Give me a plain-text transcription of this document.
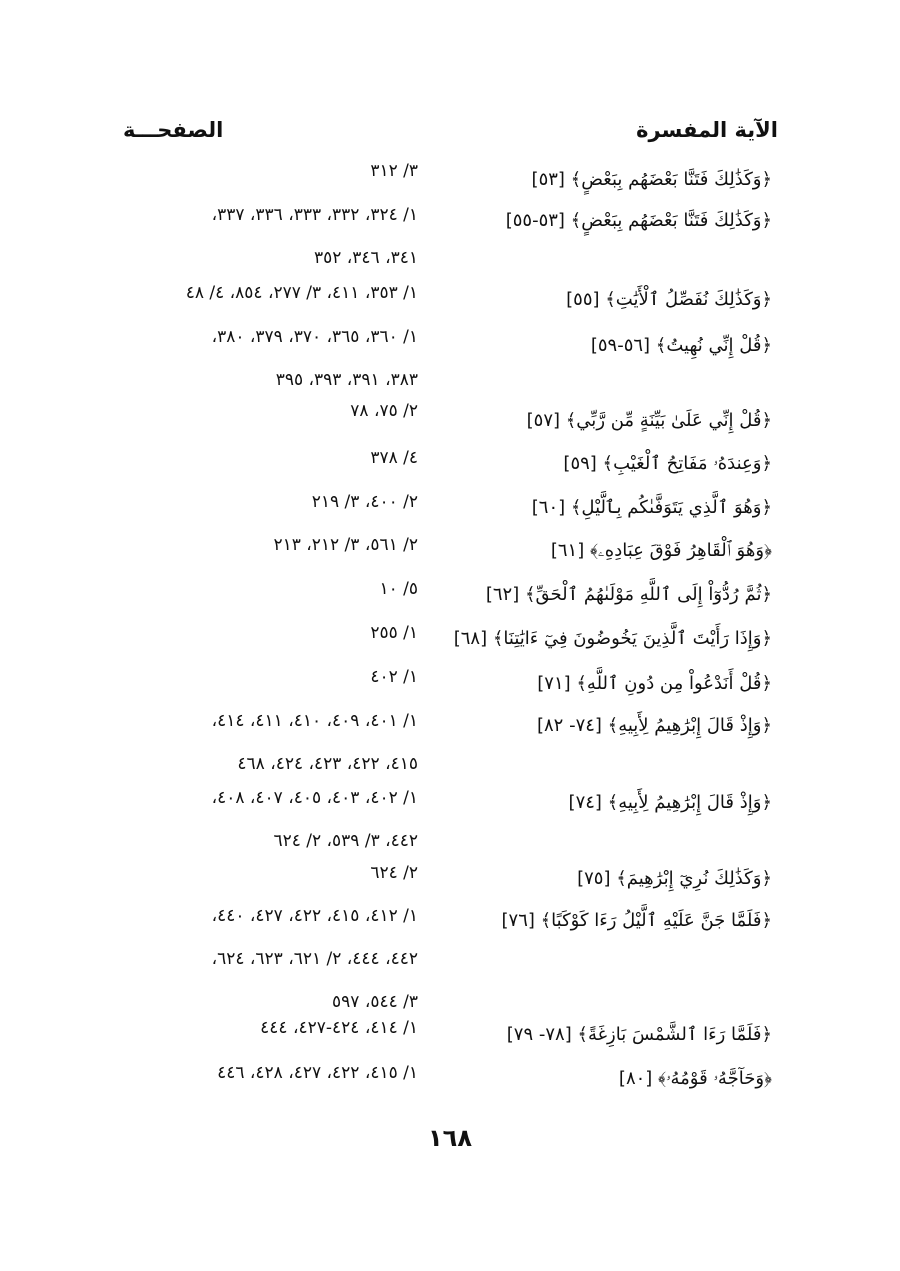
الآية المفسرة
الصفحـــة
﴿وَكَذَٰلِكَ فَتَنَّا بَعْضَهُم بِبَعْضٍ﴾ [٥٣]
٣/ ٣١٢
﴿وَكَذَٰلِكَ فَتَنَّا بَعْضَهُم بِبَعْضٍ﴾ [٥٣-٥٥]
١/ ٣٢٤، ٣٣٢، ٣٣٣، ٣٣٦، ٣٣٧،
٣٤١، ٣٤٦، ٣٥٢
﴿وَكَذَٰلِكَ نُفَصِّلُ ٱلْأَيَٰتِ﴾ [٥٥]
١/ ٣٥٣، ٤١١، ٣/ ٢٧٧، ٨٥٤، ٤/ ٤٨
﴿قُلْ إِنِّي نُهِيتُ﴾ [٥٦-٥٩]
١/ ٣٦٠، ٣٦٥، ٣٧٠، ٣٧٩، ٣٨٠،
٣٨٣، ٣٩١، ٣٩٣، ٣٩٥
﴿قُلْ إِنِّي عَلَىٰ بَيِّنَةٍ مِّن رَّبِّي﴾ [٥٧]
٢/ ٧٥، ٧٨
﴿وَعِندَهُۥ مَفَاتِحُ ٱلْغَيْبِ﴾ [٥٩]
٤/ ٣٧٨
﴿وَهُوَ ٱلَّذِي يَتَوَفَّىٰكُم بِٱلَّيْلِ﴾ [٦٠]
٢/ ٤٠٠، ٣/ ٢١٩
﴿وَهُوَ ٱلْقَاهِرُ فَوْقَ عِبَادِهِۦ﴾ [٦١]
٢/ ٥٦١، ٣/ ٢١٢، ٢١٣
﴿ثُمَّ رُدُّوٓاْ إِلَى ٱللَّهِ مَوْلَىٰهُمُ ٱلْحَقِّ﴾ [٦٢]
٥/ ١٠
﴿وَإِذَا رَأَيْتَ ٱلَّذِينَ يَخُوضُونَ فِيٓ ءَايَٰتِنَا﴾ [٦٨]
١/ ٢٥٥
﴿قُلْ أَنَدْعُواْ مِن دُونِ ٱللَّهِ﴾ [٧١]
١/ ٤٠٢
﴿وَإِذْ قَالَ إِبْرَٰهِيمُ لِأَبِيهِ﴾ [٧٤- ٨٢]
١/ ٤٠١، ٤٠٩، ٤١٠، ٤١١، ٤١٤،
٤١٥، ٤٢٢، ٤٢٣، ٤٢٤، ٤٦٨
﴿وَإِذْ قَالَ إِبْرَٰهِيمُ لِأَبِيهِ﴾ [٧٤]
١/ ٤٠٢، ٤٠٣، ٤٠٥، ٤٠٧، ٤٠٨،
٤٤٢، ٣/ ٥٣٩، ٢/ ٦٢٤
﴿وَكَذَٰلِكَ نُرِيٓ إِبْرَٰهِيمَ﴾ [٧٥]
٢/ ٦٢٤
﴿فَلَمَّا جَنَّ عَلَيْهِ ٱلَّيْلُ رَءَا كَوْكَبًا﴾ [٧٦]
١/ ٤١٢، ٤١٥، ٤٢٢، ٤٢٧، ٤٤٠،
٤٤٢، ٤٤٤، ٢/ ٦٢١، ٦٢٣، ٦٢٤،
٣/ ٥٤٤، ٥٩٧
﴿فَلَمَّا رَءَا ٱلشَّمْسَ بَازِغَةً﴾ [٧٨- ٧٩]
١/ ٤١٤، ٤٢٤-٤٢٧، ٤٤٤
﴿وَحَآجَّهُۥ قَوْمُهُۥ﴾ [٨٠]
١/ ٤١٥، ٤٢٢، ٤٢٧، ٤٢٨، ٤٤٦
١٦٨
